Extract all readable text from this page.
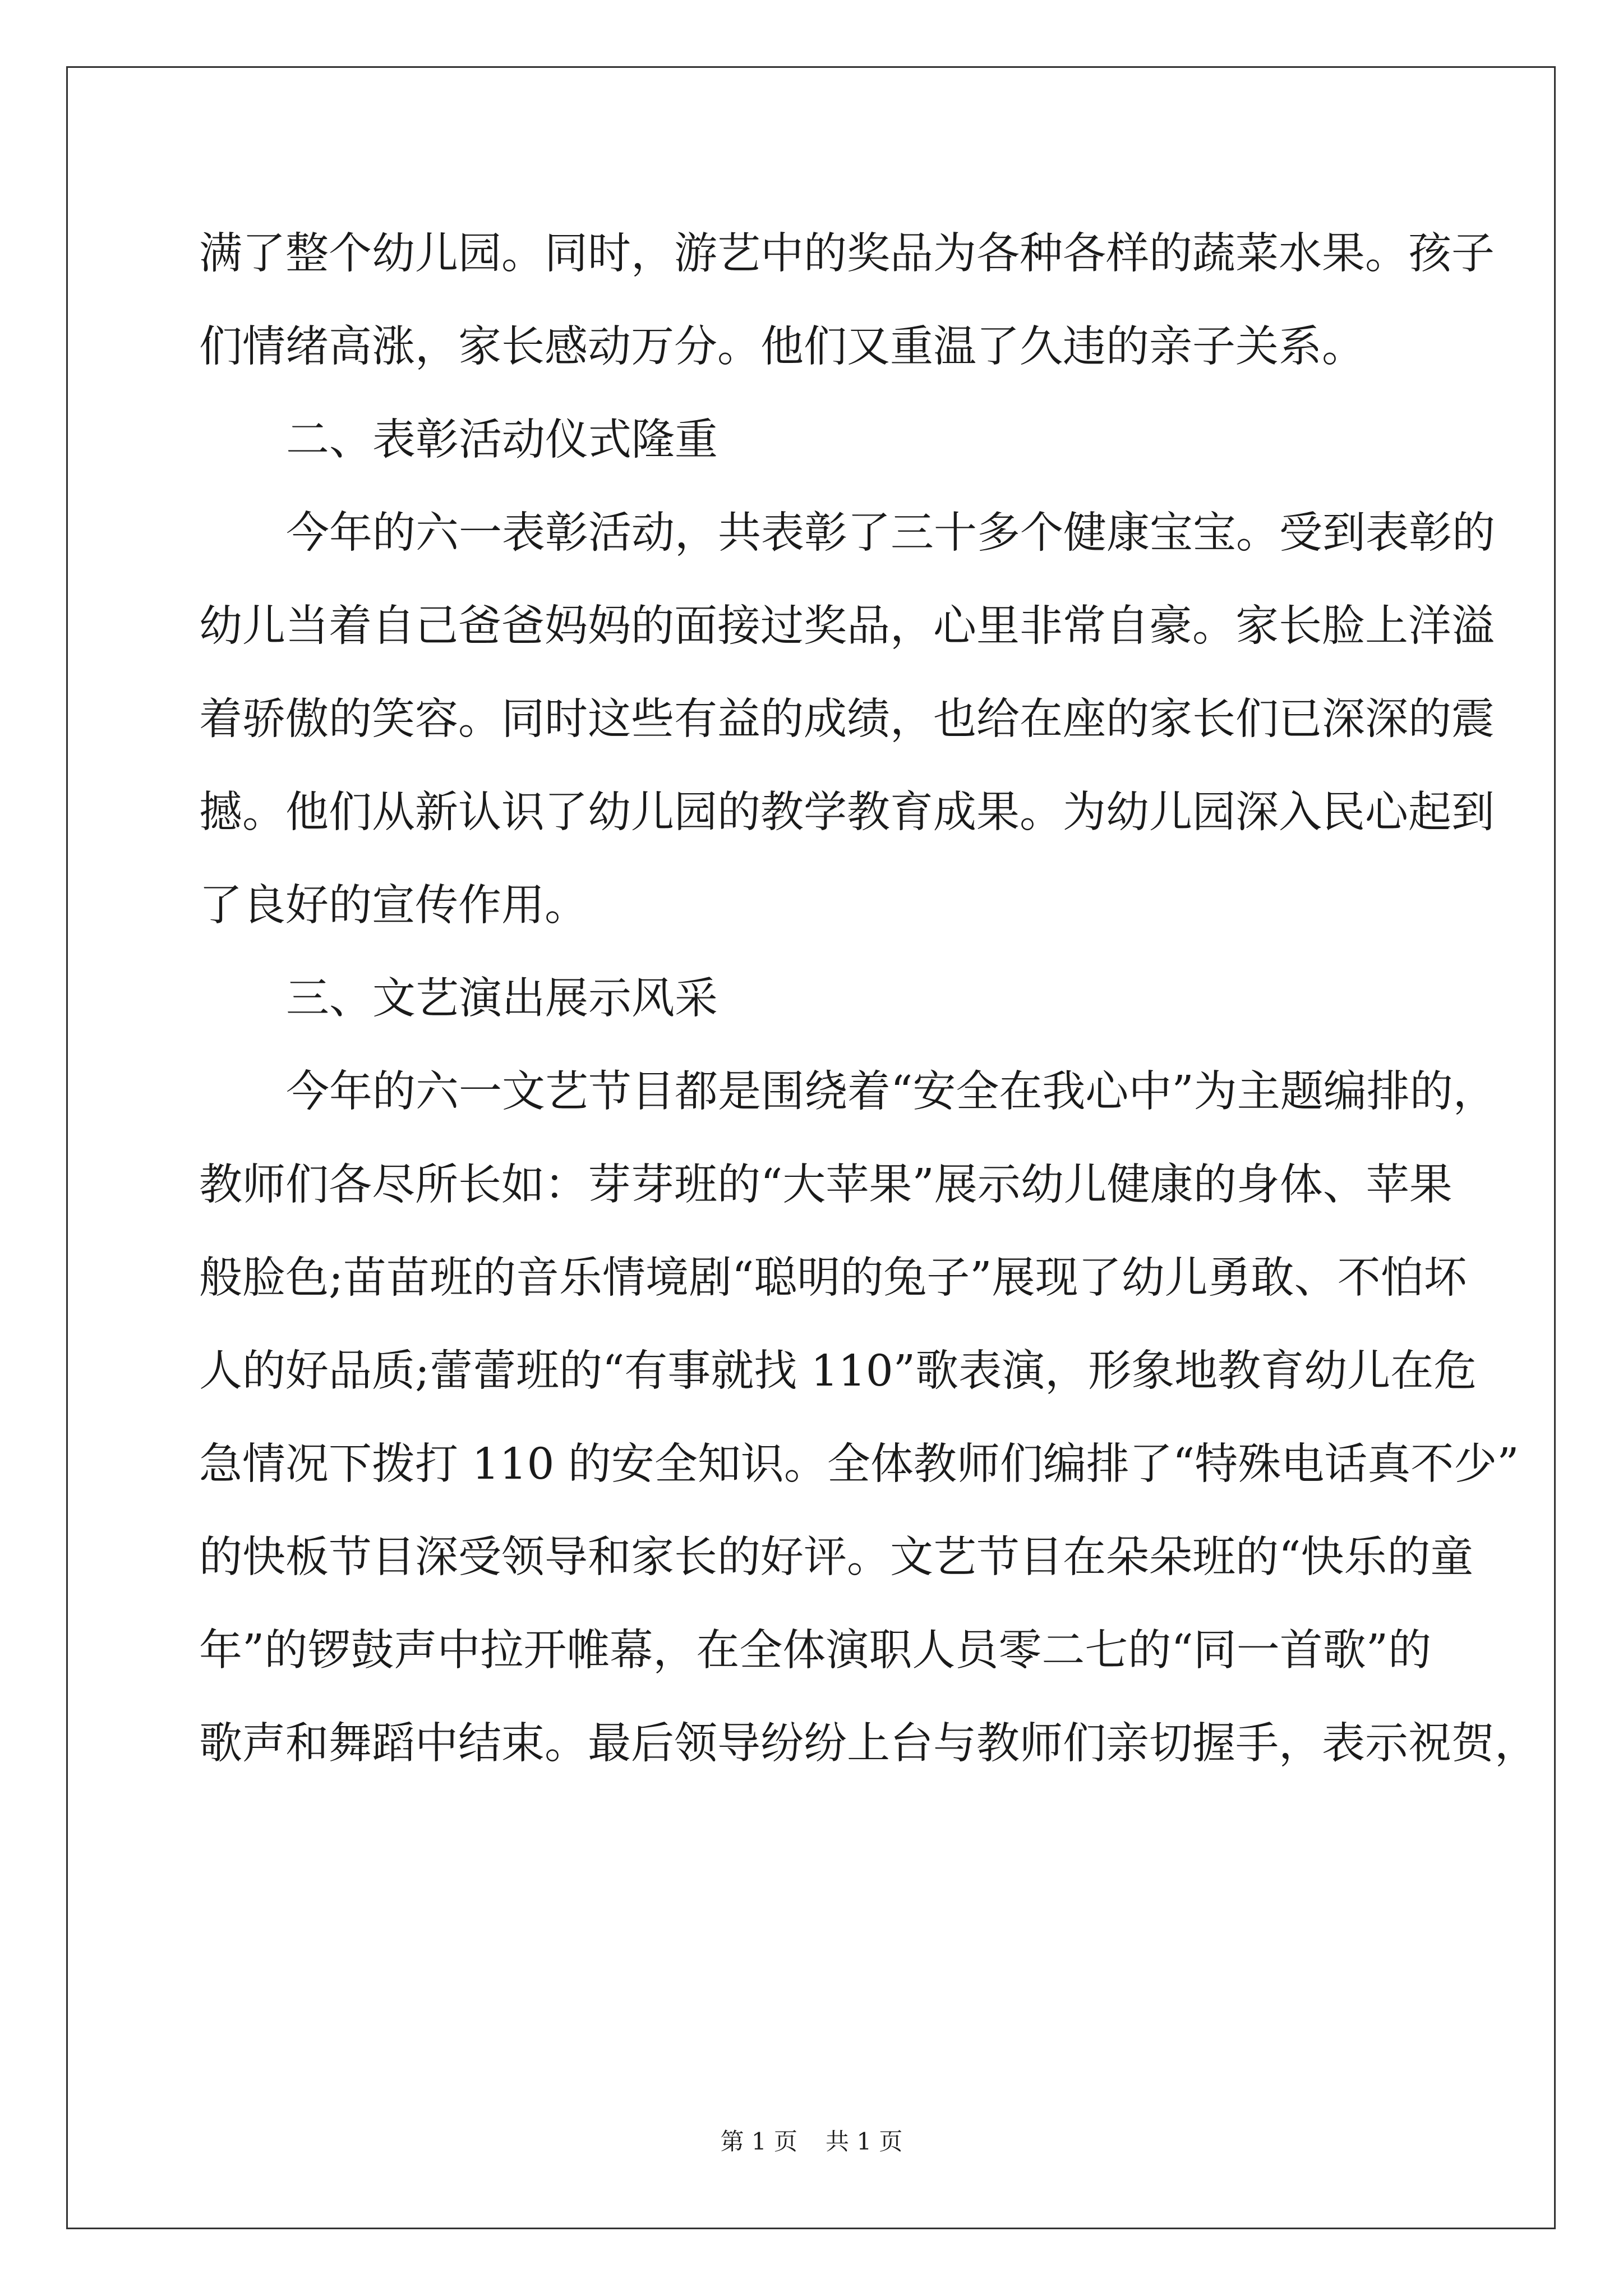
满了整个幼儿园。同时，游艺中的奖品为各种各样的蔬菜水果。孩子
们情绪高涨，家长感动万分。他们又重温了久违的亲子关系。
二、表彰活动仪式隆重
今年的六一表彰活动，共表彰了三十多个健康宝宝。受到表彰的
幼儿当着自己爸爸妈妈的面接过奖品，心里非常自豪。家长脸上洋溢
着骄傲的笑容。同时这些有益的成绩，也给在座的家长们已深深的震
撼。他们从新认识了幼儿园的教学教育成果。为幼儿园深入民心起到
了良好的宣传作用。
三、文艺演出展示风采
今年的六一文艺节目都是围绕着“安全在我心中”为主题编排的，
教师们各尽所长如：芽芽班的“大苹果”展示幼儿健康的身体、苹果
般脸色;苗苗班的音乐情境剧“聪明的兔子”展现了幼儿勇敢、不怕坏
人的好品质;蕾蕾班的“有事就找 110”歌表演，形象地教育幼儿在危
急情况下拨打 110 的安全知识。全体教师们编排了“特殊电话真不少”
的快板节目深受领导和家长的好评。文艺节目在朵朵班的“快乐的童
年”的锣鼓声中拉开帷幕，在全体演职人员零二七的“同一首歌”的
歌声和舞蹈中结束。最后领导纷纷上台与教师们亲切握手，表示祝贺，
第 1 页 共 1 页
